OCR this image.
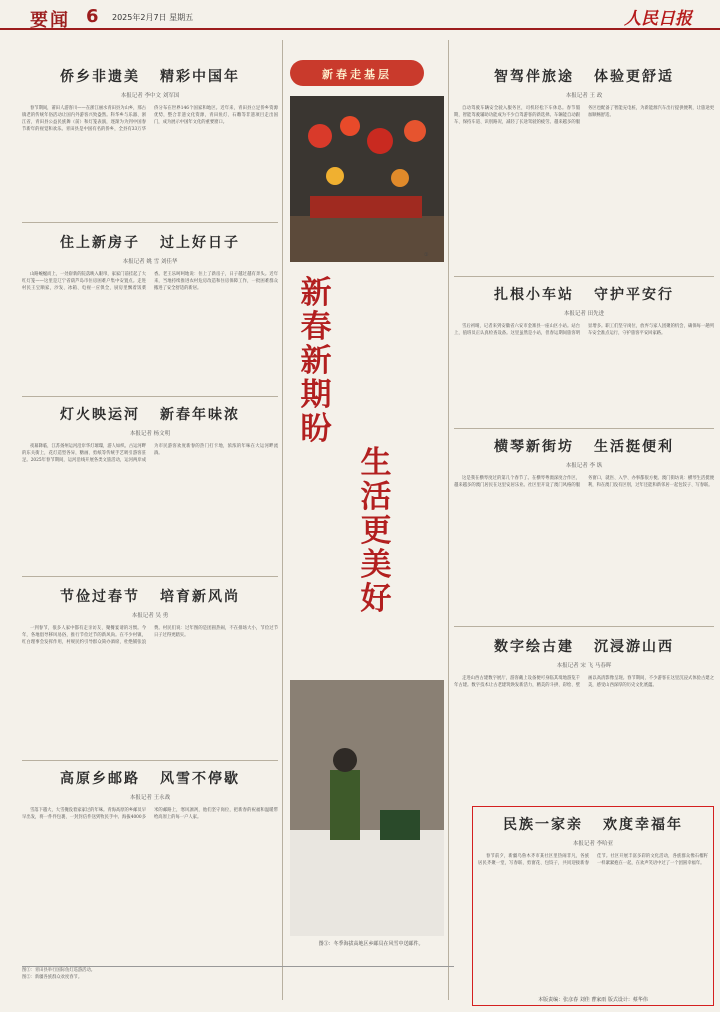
要闻 6 2025年2月7日 星期五	人民日报
侨乡非遗美 精彩中国年
本报记者 李中文 刘军国
春节期间，莆田人游客川——在浙江丽水青田县为山乡，那古镇老的传统年俗活动让国内外游客兴致盎然。科华乡与乐器、浙江省，青田县公益民族舞（前）和灯笼表演，逐渐为为到中国春节新年的视觉和欢乐。青田县是中国有名的侨乡，全县有33万华侨分布在世界146个国家和地区。近年来，青田县立足侨乡资源优势，整合非遗文化资源，青田鱼灯、石雕等非遗项目走出国门，成为展示中国年文化的重要窗口。
住上新房子 过上好日子
本报记者 姚 雪 刘佳华
山路蜿蜒而上，一处崭新的院落映入眼帘，家家门前挂起了大红灯笼——这里是辽宁省葫芦岛市住房困难户集中安置点。走进村民王宝顺家，沙发、冰箱、电视一应俱全，厨房里飘着饭菜香。老王乐呵呵地说：住上了新房子，日子越过越有奔头。近年来，当地持续推进农村危房改造和住房保障工作，一批困难群众搬进了安全舒适的新居。
灯火映运河 新春年味浓
本报记者 杨文明
夜幕降临，江苏扬州运河沿岸华灯璀璨，游人如织。古运河畔的东关街上，花灯造型各异，糖画、剪纸等传统手艺吸引游客驻足。2025年春节期间，运河沿线开展各类文旅活动，运河两岸成为市民游客欢度新春的热门打卡地，浓浓的年味在大运河畔流淌。
节俭过春节 培育新风尚
本报记者 吴 勇
一到春节，很多人家中都有走亲访友、聚餐宴请的习惯。今年，各地倡导移风易俗，推行节俭过节的新风尚。在不少村镇，红白理事会发挥作用，村规民约引导群众简办酒席，杜绝铺张浪费。村民们说：过年图的是团圆热闹，不在排场大小，节俭过节日子过得更踏实。
高原乡邮路 风雪不停歇
本报记者 王永战
雪落下越大，大雪掩没着家家过的年味。青海高原的乡邮员早早出发，将一件件包裹、一封封信件送到牧民手中。海拔4000多米的邮路上，寒风凛冽，他们坚守岗位，把新春的祝福和温暖带给高原上的每一户人家。
新春走基层
①
新春新期盼
生活更美好
图③：冬季海拔高地区乡邮员在风雪中送邮件。
智驾伴旅途 体验更舒适
本报记者 王 政
自动驾驶车辆安全驶入服务区，司机轻松下车休息。春节假期，智能驾驶辅助功能成为不少自驾游客的新选择。车辆能自动跟车、保持车道、识别路况，减轻了长途驾驶的疲劳。越来越多的服务区也配备了智能充电桩，为新能源汽车出行提供便利，让旅途更加顺畅舒适。
扎根小车站 守护平安行
本报记者 田先进
雪后初晴，记者来到安徽省六安市金寨县一座山区小站。站台上，值班员正认真检查设备。这里虽然是小站，但春运期间旅客明显增多。职工们坚守岗位，放弃与家人团聚的机会，确保每一趟列车安全准点运行，守护旅客平安回家路。
横琴新街坊 生活挺便利
本报记者 李 纵
这是我在横琴度过的第几个春节了。在横琴粤澳深度合作区，越来越多的澳门居民在这里安居乐业。社区里开设了澳门风格的服务窗口，就医、入学、办事都很方便。澳门街坊说：横琴生活挺便利，和在澳门没有区别，过年还能和新邻居一起包饺子、写春联。
数字绘古建 沉浸游山西
本报记者 宋 飞 马春晖
走进山西古建数字展厅，游客戴上设备便可身临其境地游览千年古建。数字技术让古老建筑焕发新活力，精美的斗拱、彩绘、壁画以高清影像呈现。春节期间，不少游客在这里沉浸式体验古建之美，感受山西深厚的历史文化底蕴。
民族一家亲 欢度幸福年
本报记者 李哈亚
春节前夕，新疆乌鲁木齐市某社区里热闹非凡，各族居民齐聚一堂，写春联、剪窗花、包饺子，共同迎接新春佳节。社区开展丰富多彩的文化活动，各族群众像石榴籽一样紧紧抱在一起，在欢声笑语中过了一个团圆幸福年。
本版责编：张彦春 刘佳 曹家雨 版式设计：蔡华伟
图①：青田县举行国际鱼灯巡游活动。
图②：新疆各族群众欢度春节。
